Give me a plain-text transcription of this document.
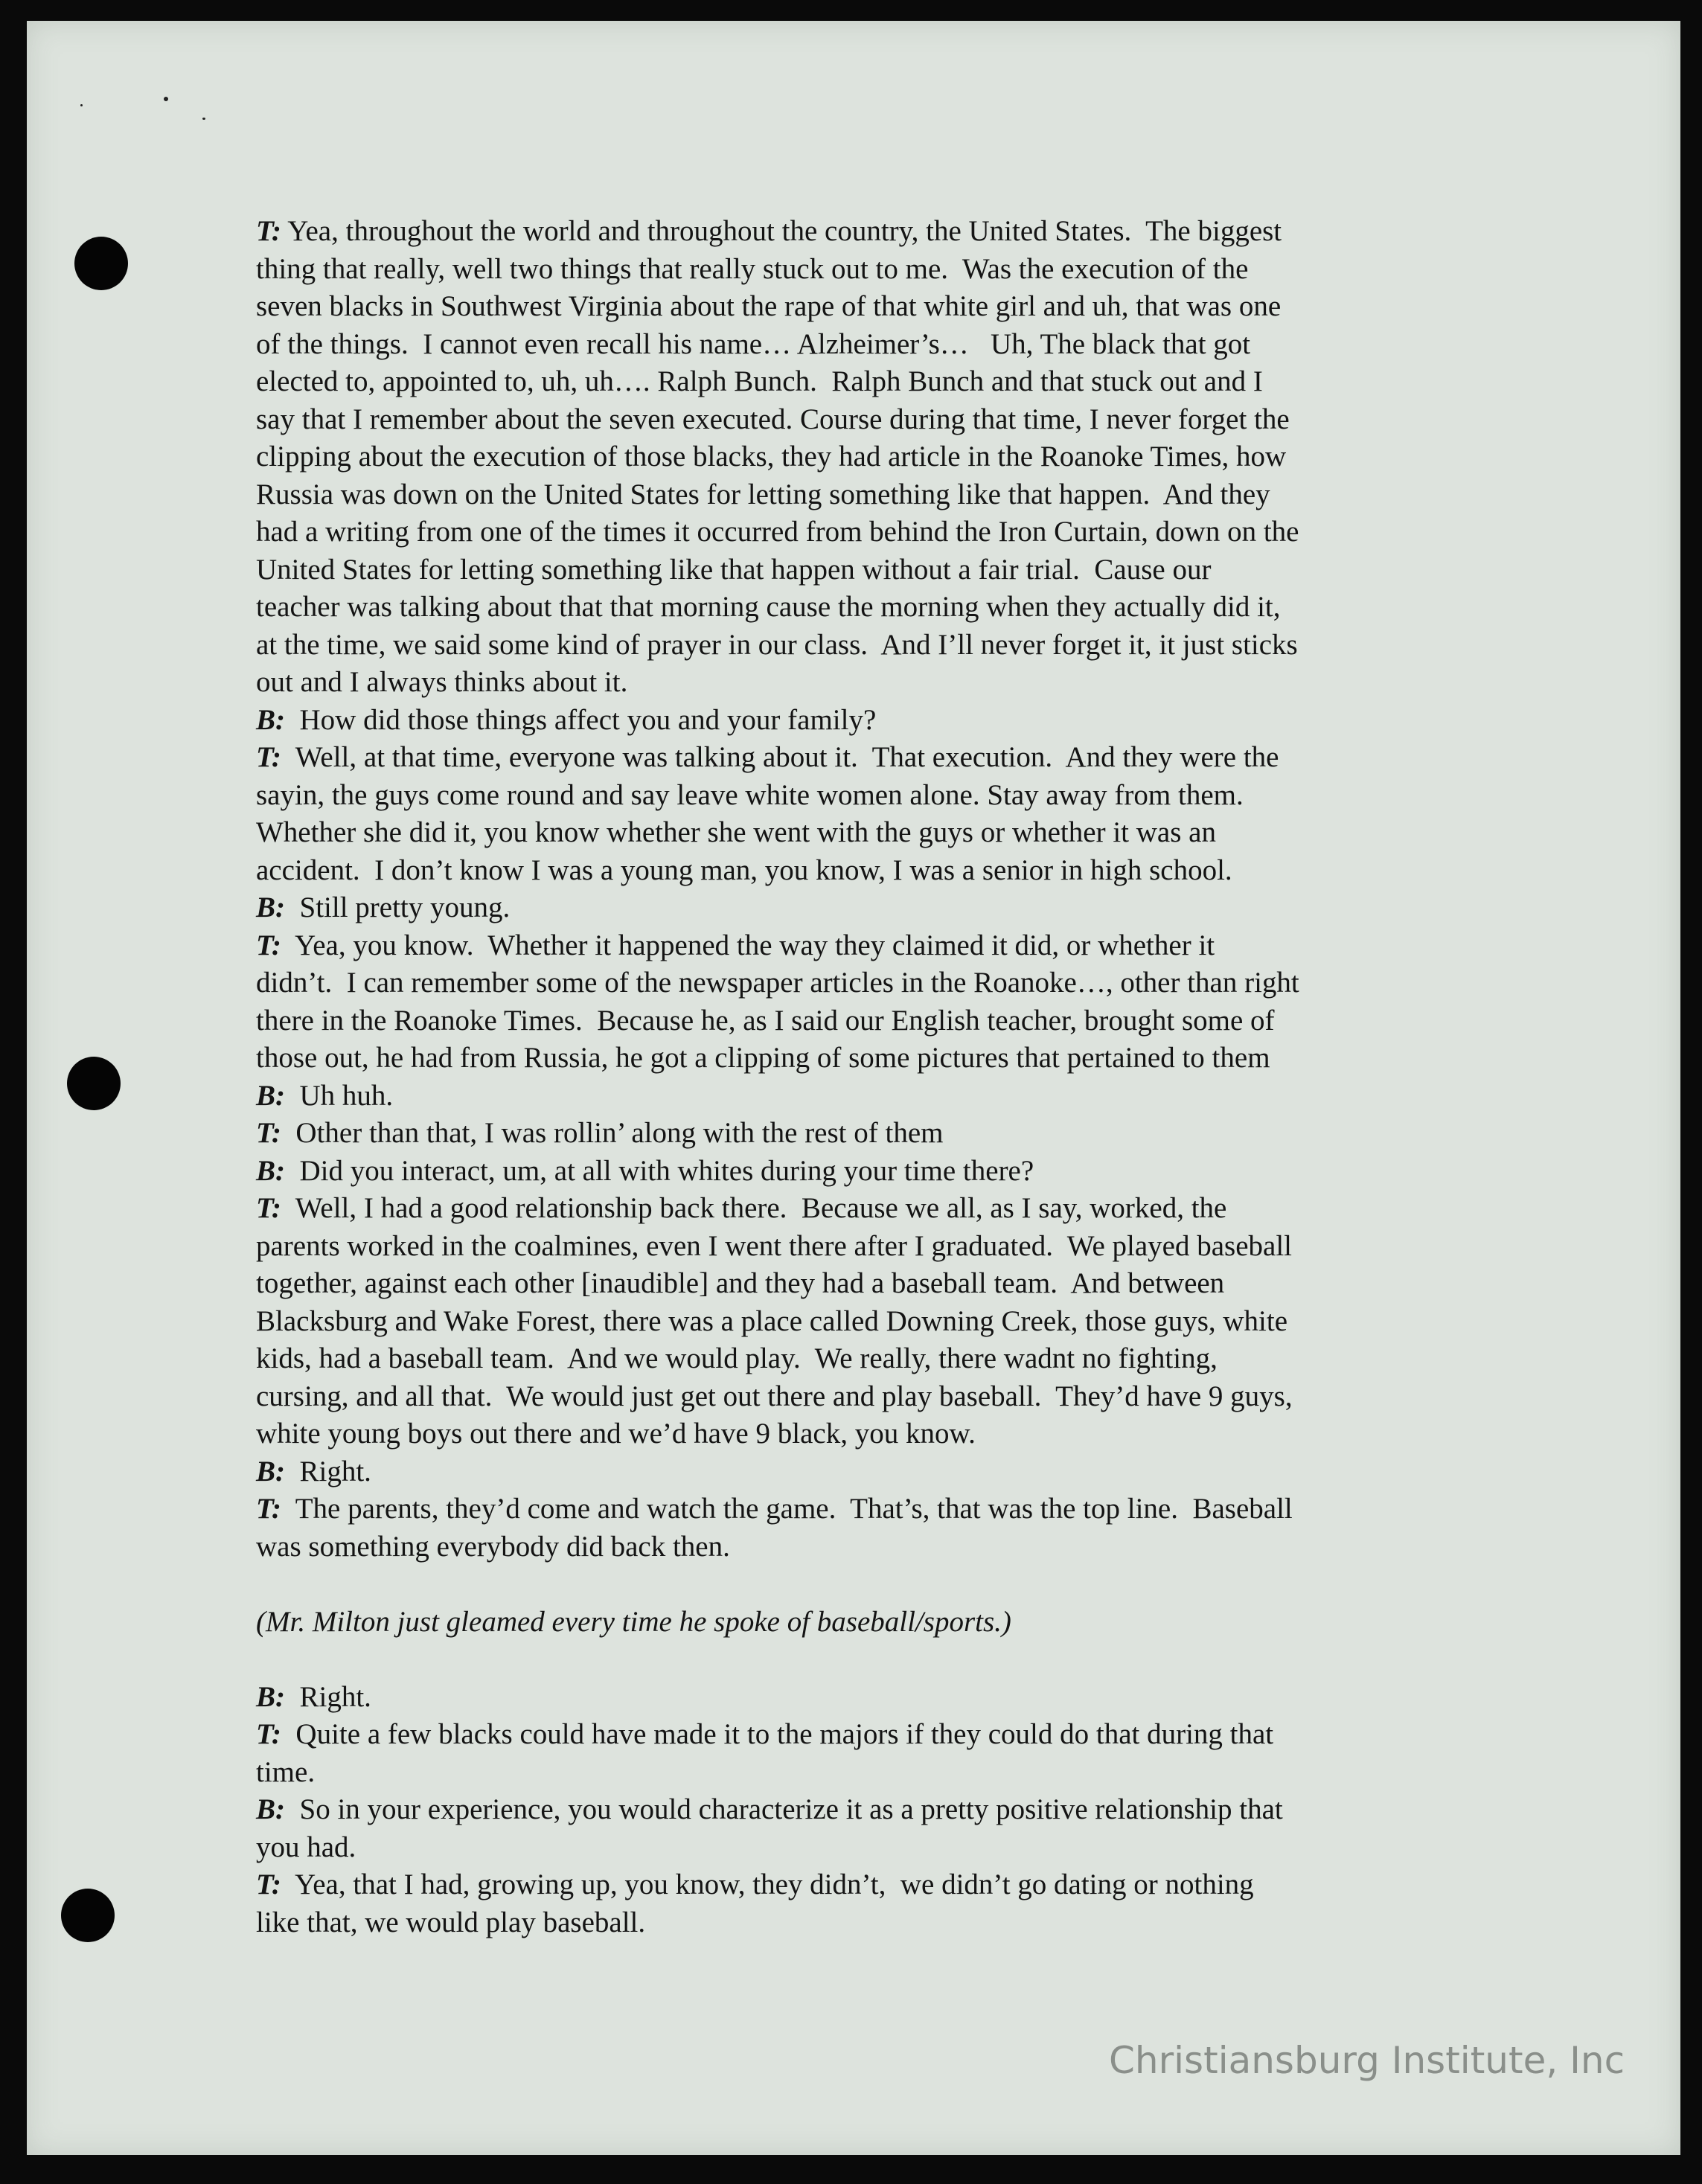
T: Yea, throughout the world and throughout the country, the United States.  The biggest
thing that really, well two things that really stuck out to me.  Was the execution of the
seven blacks in Southwest Virginia about the rape of that white girl and uh, that was one
of the things.  I cannot even recall his name… Alzheimer’s…   Uh, The black that got
elected to, appointed to, uh, uh…. Ralph Bunch.  Ralph Bunch and that stuck out and I
say that I remember about the seven executed. Course during that time, I never forget the
clipping about the execution of those blacks, they had article in the Roanoke Times, how
Russia was down on the United States for letting something like that happen.  And they
had a writing from one of the times it occurred from behind the Iron Curtain, down on the
United States for letting something like that happen without a fair trial.  Cause our
teacher was talking about that that morning cause the morning when they actually did it,
at the time, we said some kind of prayer in our class.  And I’ll never forget it, it just sticks
out and I always thinks about it.
B:  How did those things affect you and your family?
T:  Well, at that time, everyone was talking about it.  That execution.  And they were the
sayin, the guys come round and say leave white women alone. Stay away from them.
Whether she did it, you know whether she went with the guys or whether it was an
accident.  I don’t know I was a young man, you know, I was a senior in high school.
B:  Still pretty young.
T:  Yea, you know.  Whether it happened the way they claimed it did, or whether it
didn’t.  I can remember some of the newspaper articles in the Roanoke…, other than right
there in the Roanoke Times.  Because he, as I said our English teacher, brought some of
those out, he had from Russia, he got a clipping of some pictures that pertained to them
B:  Uh huh.
T:  Other than that, I was rollin’ along with the rest of them
B:  Did you interact, um, at all with whites during your time there?
T:  Well, I had a good relationship back there.  Because we all, as I say, worked, the
parents worked in the coalmines, even I went there after I graduated.  We played baseball
together, against each other [inaudible] and they had a baseball team.  And between
Blacksburg and Wake Forest, there was a place called Downing Creek, those guys, white
kids, had a baseball team.  And we would play.  We really, there wadnt no fighting,
cursing, and all that.  We would just get out there and play baseball.  They’d have 9 guys,
white young boys out there and we’d have 9 black, you know.
B:  Right.
T:  The parents, they’d come and watch the game.  That’s, that was the top line.  Baseball
was something everybody did back then.
(Mr. Milton just gleamed every time he spoke of baseball/sports.)
B:  Right.
T:  Quite a few blacks could have made it to the majors if they could do that during that
time.
B:  So in your experience, you would characterize it as a pretty positive relationship that
you had.
T:  Yea, that I had, growing up, you know, they didn’t,  we didn’t go dating or nothing
like that, we would play baseball.
Christiansburg Institute, Inc
